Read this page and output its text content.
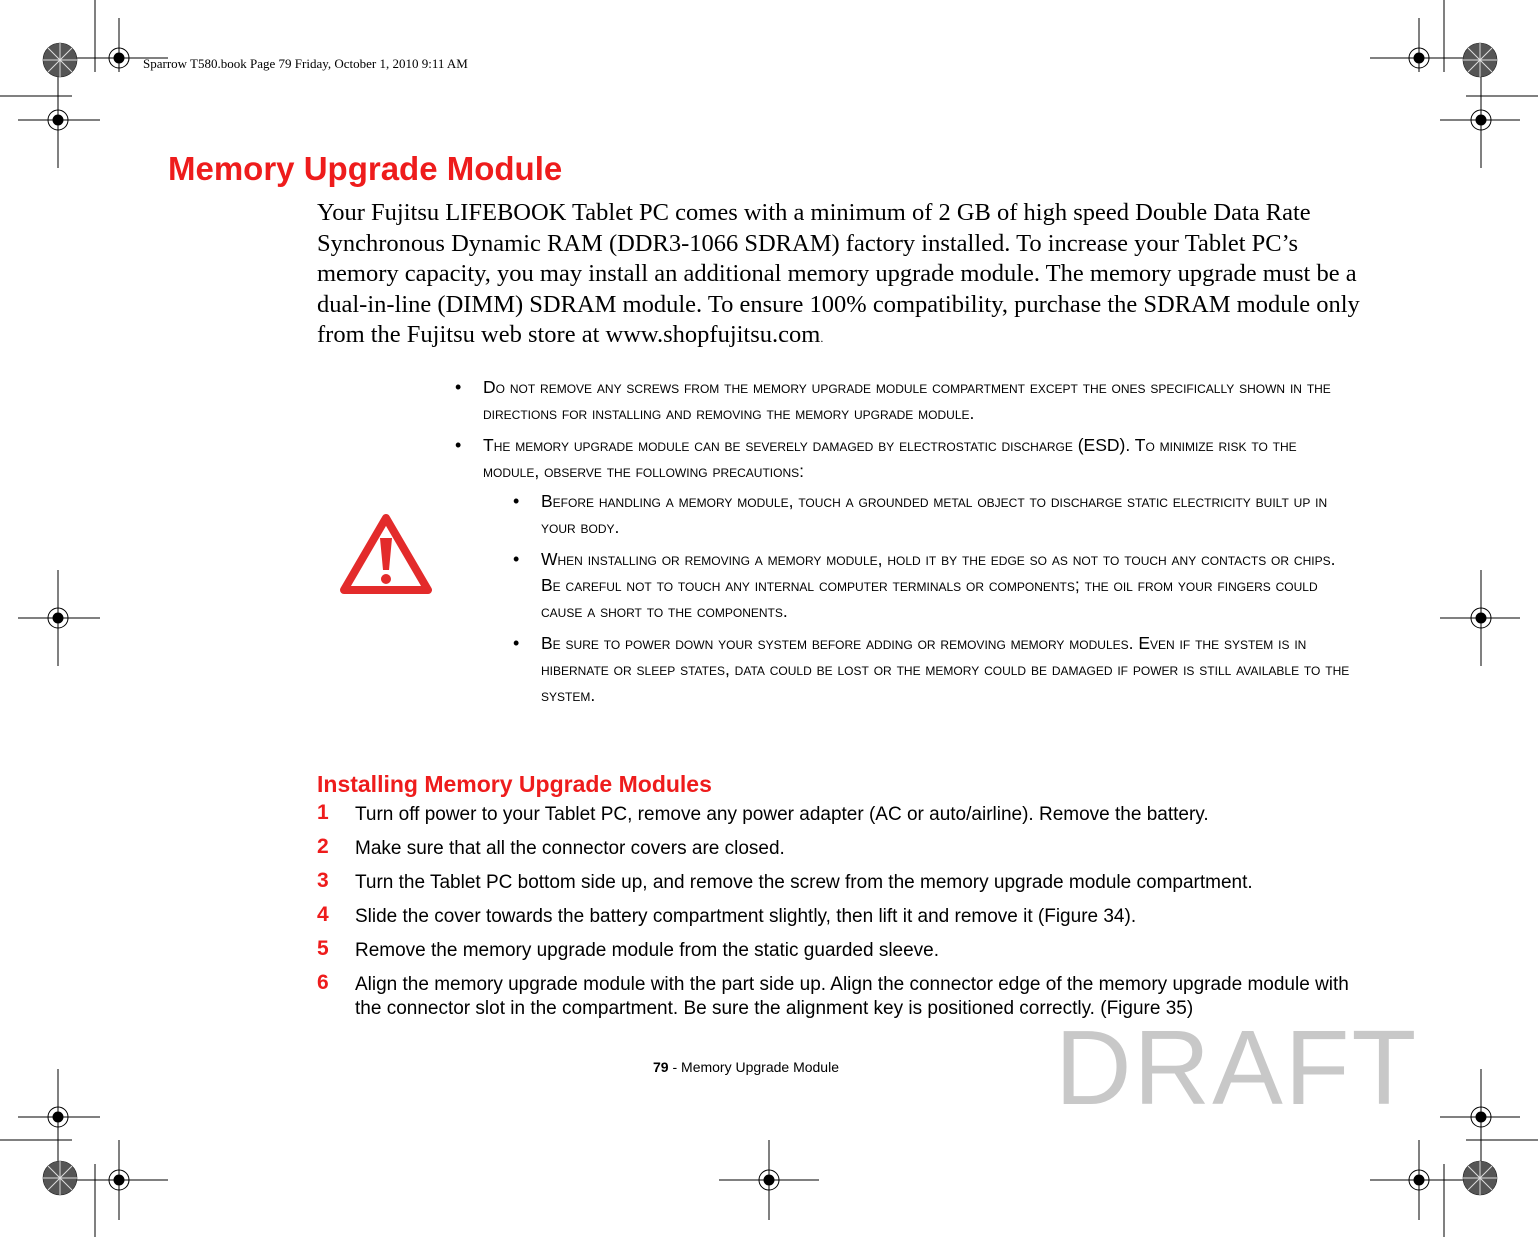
Sparrow T580.book Page 79 Friday, October 1, 2010 9:11 AM
Memory Upgrade Module
Your Fujitsu LIFEBOOK Tablet PC comes with a minimum of 2 GB of high speed Double Data Rate Synchronous Dynamic RAM (DDR3-1066 SDRAM) factory installed. To increase your Tablet PC’s memory capacity, you may install an additional memory upgrade module. The memory upgrade must be a dual-in-line (DIMM) SDRAM module. To ensure 100% compatibility, purchase the SDRAM module only from the Fujitsu web store at www.shopfujitsu.com.
• Do not remove any screws from the memory upgrade module compartment except the ones specifically shown in the directions for installing and removing the memory upgrade module.
• The memory upgrade module can be severely damaged by electrostatic discharge (ESD). To minimize risk to the module, observe the following precautions:
• Before handling a memory module, touch a grounded metal object to discharge static electricity built up in your body.
• When installing or removing a memory module, hold it by the edge so as not to touch any contacts or chips. Be careful not to touch any internal computer terminals or components; the oil from your fingers could cause a short to the components.
• Be sure to power down your system before adding or removing memory modules. Even if the system is in hibernate or sleep states, data could be lost or the memory could be damaged if power is still available to the system.
Installing Memory Upgrade Modules
1 Turn off power to your Tablet PC, remove any power adapter (AC or auto/airline). Remove the battery.
2 Make sure that all the connector covers are closed.
3 Turn the Tablet PC bottom side up, and remove the screw from the memory upgrade module compartment.
4 Slide the cover towards the battery compartment slightly, then lift it and remove it (Figure 34).
5 Remove the memory upgrade module from the static guarded sleeve.
6 Align the memory upgrade module with the part side up. Align the connector edge of the memory upgrade module with the connector slot in the compartment. Be sure the alignment key is positioned correctly. (Figure 35)
79 - Memory Upgrade Module	DRAFT
